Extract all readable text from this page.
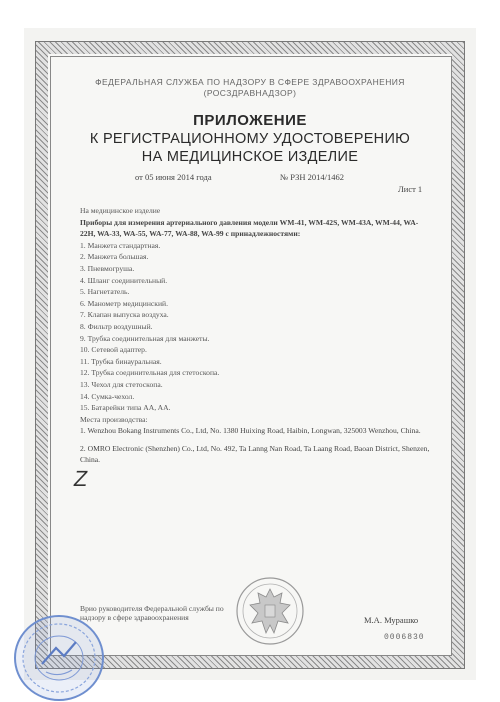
ФЕДЕРАЛЬНАЯ СЛУЖБА ПО НАДЗОРУ В СФЕРЕ ЗДРАВООХРАНЕНИЯ (РОСЗДРАВНАДЗОР)
ПРИЛОЖЕНИЕ
К РЕГИСТРАЦИОННОМУ УДОСТОВЕРЕНИЮ
НА МЕДИЦИНСКОЕ ИЗДЕЛИЕ
от 05 июня 2014 года	№ РЗН 2014/1462
Лист 1
На медицинское изделие
Приборы для измерения артериального давления модели WM-41, WM-42S, WM-43A, WM-44, WA-22H, WA-33, WA-55, WA-77, WA-88, WA-99 с принадлежностями:
1. Манжета стандартная.
2. Манжета большая.
3. Пневмогруша.
4. Шланг соединительный.
5. Нагнетатель.
6. Манометр медицинский.
7. Клапан выпуска воздуха.
8. Фильтр воздушный.
9. Трубка соединительная для манжеты.
10. Сетевой адаптер.
11. Трубка бинауральная.
12. Трубка соединительная для стетоскопа.
13. Чехол для стетоскопа.
14. Сумка-чехол.
15. Батарейки типа AA, AA.
Места производства:
1. Wenzhou Bokang Instruments Co., Ltd, No. 1380 Huixing Road, Haibin, Longwan, 325003 Wenzhou, China.
2. OMRO Electronic (Shenzhen) Co., Ltd, No. 492, Ta Lanng Nan Road, Ta Laang Road, Baoan District, Shenzen, China.
Z
Врио руководителя Федеральной службы по надзору в сфере здравоохранения	М.А. Мурашко
0006830
